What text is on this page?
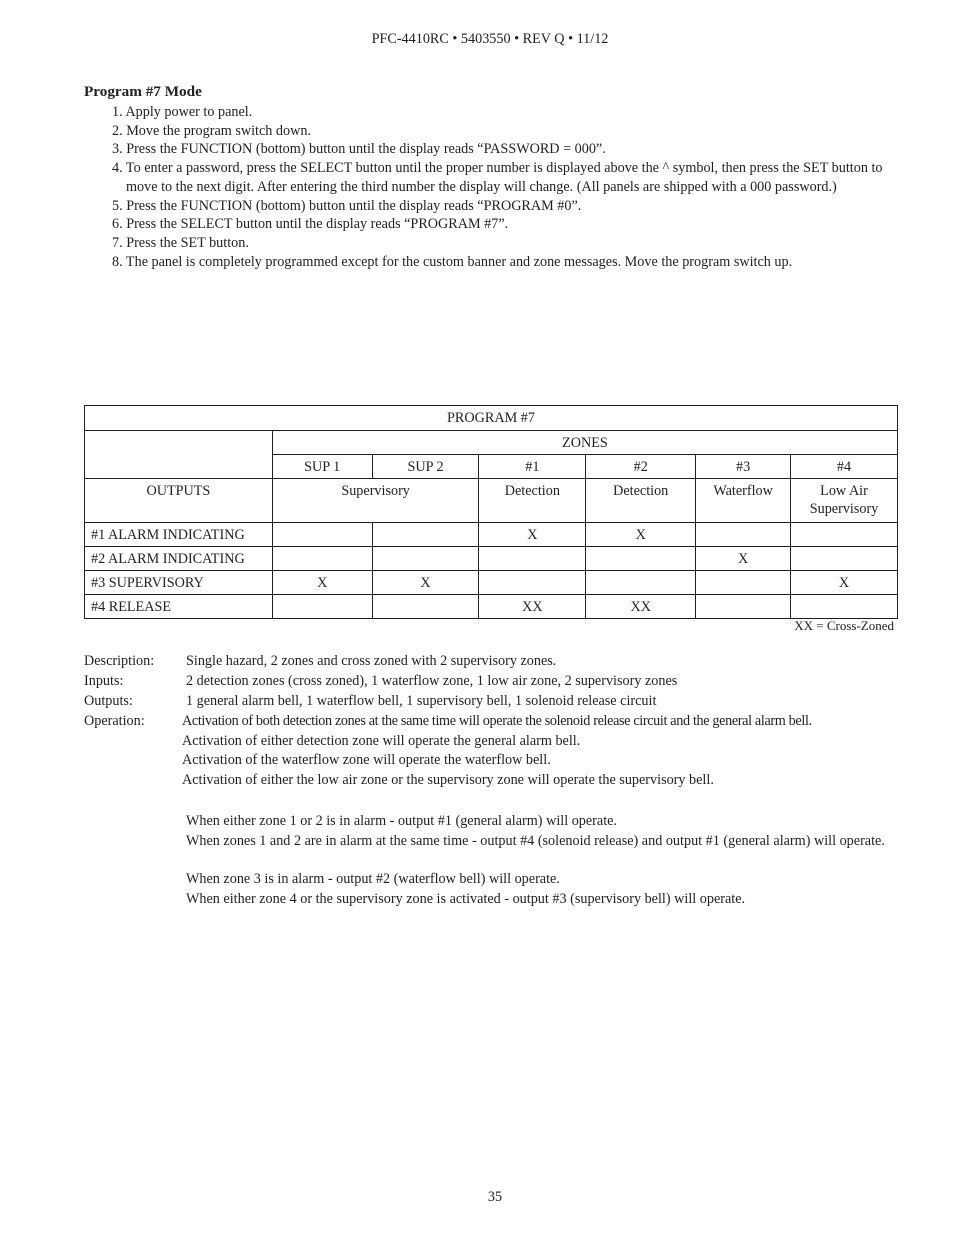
PFC-4410RC • 5403550 • REV Q • 11/12
Program #7 Mode
1. Apply power to panel.
2. Move the program switch down.
3. Press the FUNCTION (bottom) button until the display reads “PASSWORD = 000”.
4. To enter a password, press the SELECT button until the proper number is displayed above the ^ symbol, then press the SET button to move to the next digit. After entering the third number the display will change. (All panels are shipped with a 000 password.)
5. Press the FUNCTION (bottom) button until the display reads “PROGRAM #0”.
6. Press the SELECT button until the display reads “PROGRAM #7”.
7. Press the SET button.
8. The panel is completely programmed except for the custom banner and zone messages. Move the program switch up.
PROGRAM #7						
	ZONES					
	SUP 1	SUP 2	#1	#2	#3	#4
OUTPUTS	Supervisory		Detection	Detection	Waterflow	Low Air Supervisory
#1 ALARM INDICATING			X	X		
#2 ALARM INDICATING					X	
#3 SUPERVISORY	X	X				X
#4 RELEASE			XX	XX		
XX = Cross-Zoned
Description: Single hazard, 2 zones and cross zoned with 2 supervisory zones.
Inputs:	2 detection zones (cross zoned), 1 waterflow zone, 1 low air zone, 2 supervisory zones
Outputs:	1 general alarm bell, 1 waterflow bell, 1 supervisory bell, 1 solenoid release circuit
Operation:	Activation of both detection zones at the same time will operate the solenoid release circuit and the general alarm bell.
Activation of either detection zone will operate the general alarm bell.
Activation of the waterflow zone will operate the waterflow bell.
Activation of either the low air zone or the supervisory zone will operate the supervisory bell.
When either zone 1 or 2 is in alarm - output #1 (general alarm) will operate.
When zones 1 and 2 are in alarm at the same time - output #4 (solenoid release) and output #1 (general alarm) will operate.
When zone 3 is in alarm - output #2 (waterflow bell) will operate.
When either zone 4 or the supervisory zone is activated - output #3 (supervisory bell) will operate.
35
